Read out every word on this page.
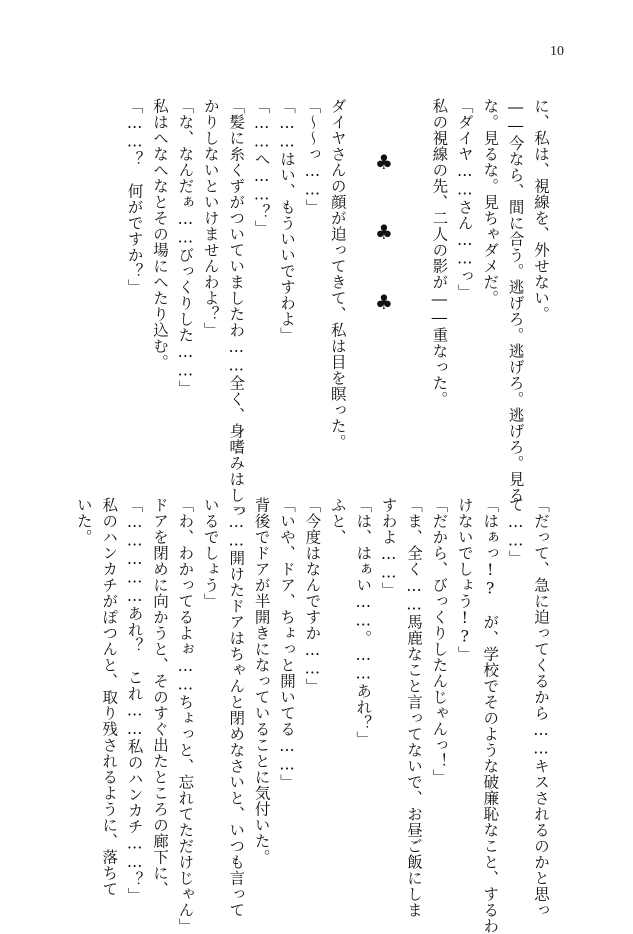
10
に、私は、視線を、外せない。
――今なら、間に合う。逃げろ。逃げろ。逃げろ。見る
な。見るな。見ちゃダメだ。
「ダイヤ……さん……っ」
私の視線の先、二人の影が――重なった。
ダイヤさんの顔が迫ってきて、私は目を瞑った。
「～～っ……」
「……はい、もういいですわよ」
「……へ……？」
「髪に糸くずがついていましたわ……全く、身嗜みはしっ
かりしないといけませんわよ？」
「な、なんだぁ……びっくりした……」
私はへなへなとその場にへたり込む。
「……？　何がですか？」	♣
♣
♣
「だって、急に迫ってくるから……キスされるのかと思っ
て……」
「はぁっ!?　が、学校でそのような破廉恥なこと、するわ
けないでしょう!?」
「だから、びっくりしたんじゃんっ！」
「ま、全く……馬鹿なこと言ってないで、お昼ご飯にしま
すわよ……」
「は、はぁい……。……あれ？」
ふと、
「今度はなんですか……」
「いや、ドア、ちょっと開いてる……」
背後でドアが半開きになっていることに気付いた。
「……開けたドアはちゃんと閉めなさいと、いつも言って
いるでしょう」
「わ、わかってるよぉ……ちょっと、忘れてただけじゃん」
ドアを閉めに向かうと、そのすぐ出たところの廊下に、
「……………あれ？　これ……私のハンカチ……？」
私のハンカチがぽつんと、取り残されるように、落ちて
いた。
